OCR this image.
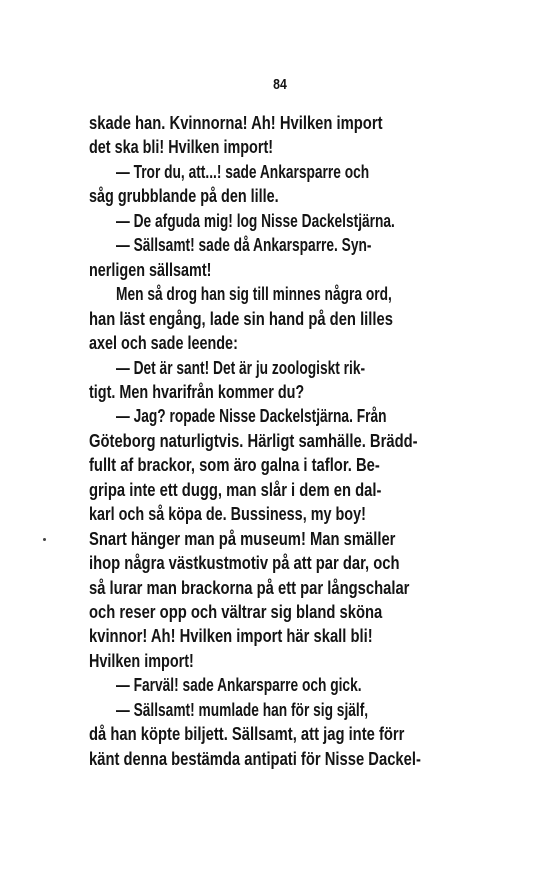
84
skade han. Kvinnorna! Ah! Hvilken import
det ska bli! Hvilken import!
— Tror du, att...! sade Ankarsparre och
såg grubblande på den lille.
— De afguda mig! log Nisse Dackelstjärna.
— Sällsamt! sade då Ankarsparre. Syn-
nerligen sällsamt!
Men så drog han sig till minnes några ord,
han läst engång, lade sin hand på den lilles
axel och sade leende:
— Det är sant! Det är ju zoologiskt rik-
tigt. Men hvarifrån kommer du?
— Jag? ropade Nisse Dackelstjärna. Från
Göteborg naturligtvis. Härligt samhälle. Brädd-
fullt af brackor, som äro galna i taflor. Be-
gripa inte ett dugg, man slår i dem en dal-
karl och så köpa de. Bussiness, my boy!
Snart hänger man på museum! Man smäller
ihop några västkustmotiv på att par dar, och
så lurar man brackorna på ett par långschalar
och reser opp och vältrar sig bland sköna
kvinnor! Ah! Hvilken import här skall bli!
Hvilken import!
— Farväl! sade Ankarsparre och gick.
— Sällsamt! mumlade han för sig själf,
då han köpte biljett. Sällsamt, att jag inte förr
känt denna bestämda antipati för Nisse Dackel-
